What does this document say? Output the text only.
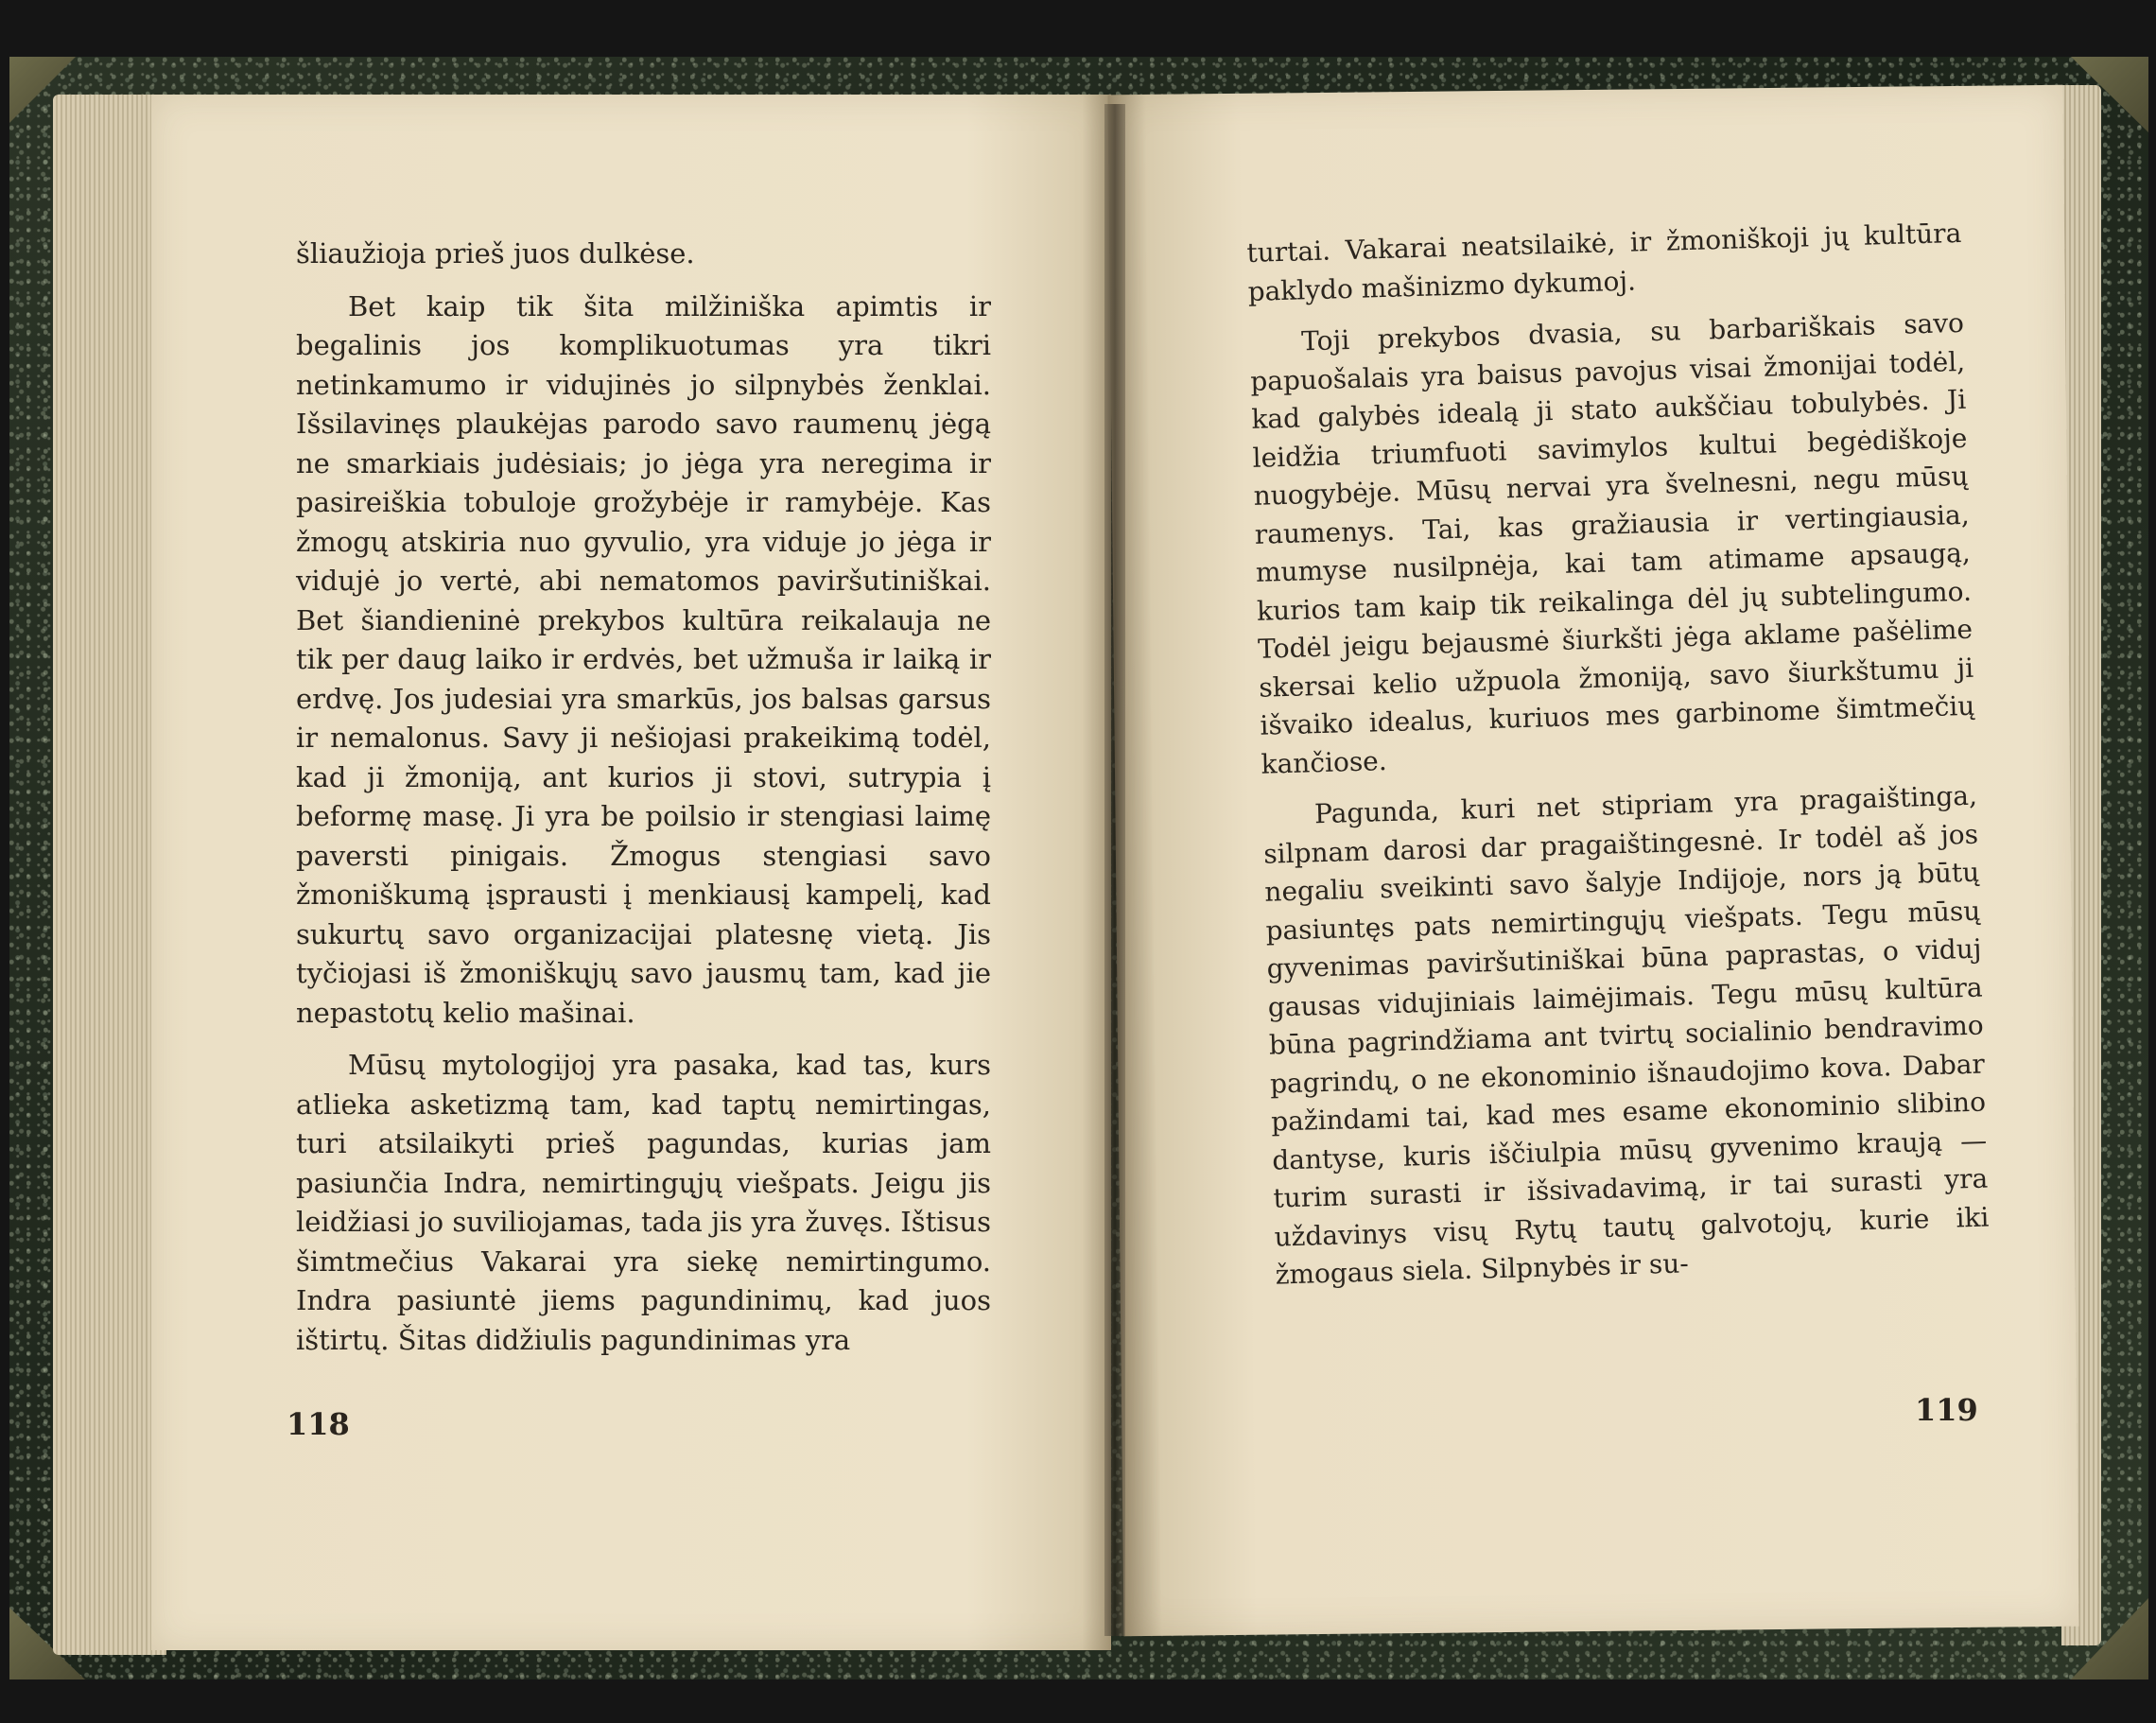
šliaužioja prieš juos dulkėse.

Bet kaip tik šita milžiniška apimtis ir begalinis jos komplikuotumas yra tikri netinkamumo ir vidujinės jo silpnybės ženklai. Išsilavinęs plaukėjas parodo savo raumenų jėgą ne smarkiais judėsiais; jo jėga yra neregima ir pasireiškia tobuloje grožybėje ir ramybėje. Kas žmogų atskiria nuo gyvulio, yra viduje jo jėga ir vidujė jo vertė, abi nematomos paviršutiniškai. Bet šiandieninė prekybos kultūra reikalauja ne tik per daug laiko ir erdvės, bet užmuša ir laiką ir erdvę. Jos judesiai yra smarkūs, jos balsas garsus ir nemalonus. Savy ji nešiojasi prakeikimą todėl, kad ji žmoniją, ant kurios ji stovi, sutrypia į beformę masę. Ji yra be poilsio ir stengiasi laimę paversti pinigais. Žmogus stengiasi savo žmoniškumą įsprausti į menkiausį kampelį, kad sukurtų savo organizacijai platesnę vietą. Jis tyčiojasi iš žmoniškųjų savo jausmų tam, kad jie nepastotų kelio mašinai.

Mūsų mytologijoj yra pasaka, kad tas, kurs atlieka asketizmą tam, kad taptų nemirtingas, turi atsilaikyti prieš pagundas, kurias jam pasiunčia Indra, nemirtingųjų viešpats. Jeigu jis leidžiasi jo suviliojamas, tada jis yra žuvęs. Ištisus šimtmečius Vakarai yra siekę nemirtingumo. Indra pasiuntė jiems pagundinimų, kad juos ištirtų. Šitas didžiulis pagundinimas yra

118

turtai. Vakarai neatsilaikė, ir žmoniškoji jų kultūra paklydo mašinizmo dykumoj.

Toji prekybos dvasia, su barbariškais savo papuošalais yra baisus pavojus visai žmonijai todėl, kad galybės idealą ji stato aukščiau tobulybės. Ji leidžia triumfuoti savimylos kultui begėdiškoje nuogybėje. Mūsų nervai yra švelnesni, negu mūsų raumenys. Tai, kas gražiausia ir vertingiausia, mumyse nusilpnėja, kai tam atimame apsaugą, kurios tam kaip tik reikalinga dėl jų subtelingumo. Todėl jeigu bejausmė šiurkšti jėga aklame pašėlime skersai kelio užpuola žmoniją, savo šiurkštumu ji išvaiko idealus, kuriuos mes garbinome šimtmečių kančiose.

Pagunda, kuri net stipriam yra pragaištinga, silpnam darosi dar pragaištingesnė. Ir todėl aš jos negaliu sveikinti savo šalyje Indijoje, nors ją būtų pasiuntęs pats nemirtingųjų viešpats. Tegu mūsų gyvenimas paviršutiniškai būna paprastas, o viduj gausas vidujiniais laimėjimais. Tegu mūsų kultūra būna pagrindžiama ant tvirtų socialinio bendravimo pagrindų, o ne ekonominio išnaudojimo kova. Dabar pažindami tai, kad mes esame ekonominio slibino dantyse, kuris iščiulpia mūsų gyvenimo kraują — turim surasti ir išsivadavimą, ir tai surasti yra uždavinys visų Rytų tautų galvotojų, kurie iki žmogaus siela. Silpnybės ir su-

119
